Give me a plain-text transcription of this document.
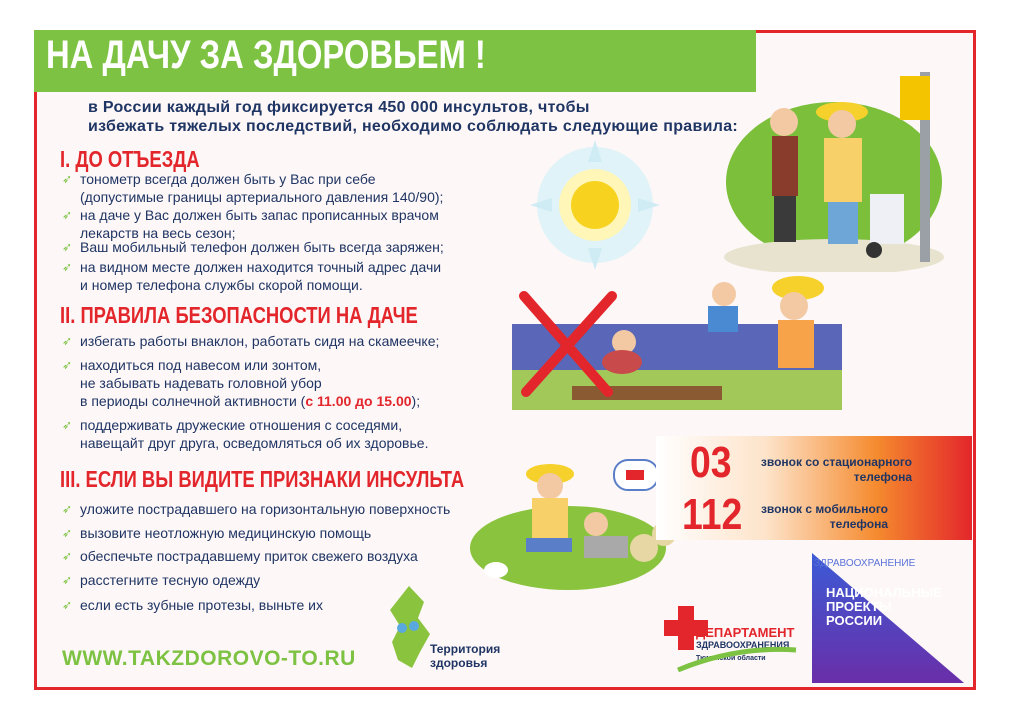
НА ДАЧУ ЗА ЗДОРОВЬЕМ !
в России каждый год фиксируется 450 000 инсультов, чтобы
избежать тяжелых последствий, необходимо соблюдать следующие правила:
I. ДО ОТЪЕЗДА
➶ тонометр всегда должен быть у Вас при себе
(допустимые границы артериального давления 140/90);
➶ на даче у Вас должен быть запас прописанных врачом
лекарств на весь сезон;
➶ Ваш мобильный телефон должен быть всегда заряжен;
➶ на видном месте должен находится точный адрес дачи
и номер телефона службы скорой помощи.
II. ПРАВИЛА БЕЗОПАСНОСТИ НА ДАЧЕ
➶ избегать работы внаклон, работать сидя на скамеечке;
➶ находиться под навесом или зонтом,
не забывать надевать головной убор
в периоды солнечной активности (с 11.00 до 15.00);
➶ поддерживать дружеские отношения с соседями,
навещайт друг друга, осведомляться об их здоровье.
III. ЕСЛИ ВЫ ВИДИТЕ ПРИЗНАКИ ИНСУЛЬТА
➶ уложите пострадавшего на горизонтальную поверхность
➶ вызовите неотложную медицинскую помощь
➶ обеспечьте пострадавшему приток свежего воздуха
➶ расстегните тесную одежду
➶ если есть зубные протезы, выньте их
03	звонок со стационарного
телефона
112	звонок с мобильного
телефона
WWW.TAKZDOROVO-TO.RU	Территория
здоровья
ДЕПАРТАМЕНТ
ЗДРАВООХРАНЕНИЯ
Тюменской области
ЗДРАВООХРАНЕНИЕ
НАЦИОНАЛЬНЫЕ
ПРОЕКТЫ
РОССИИ
